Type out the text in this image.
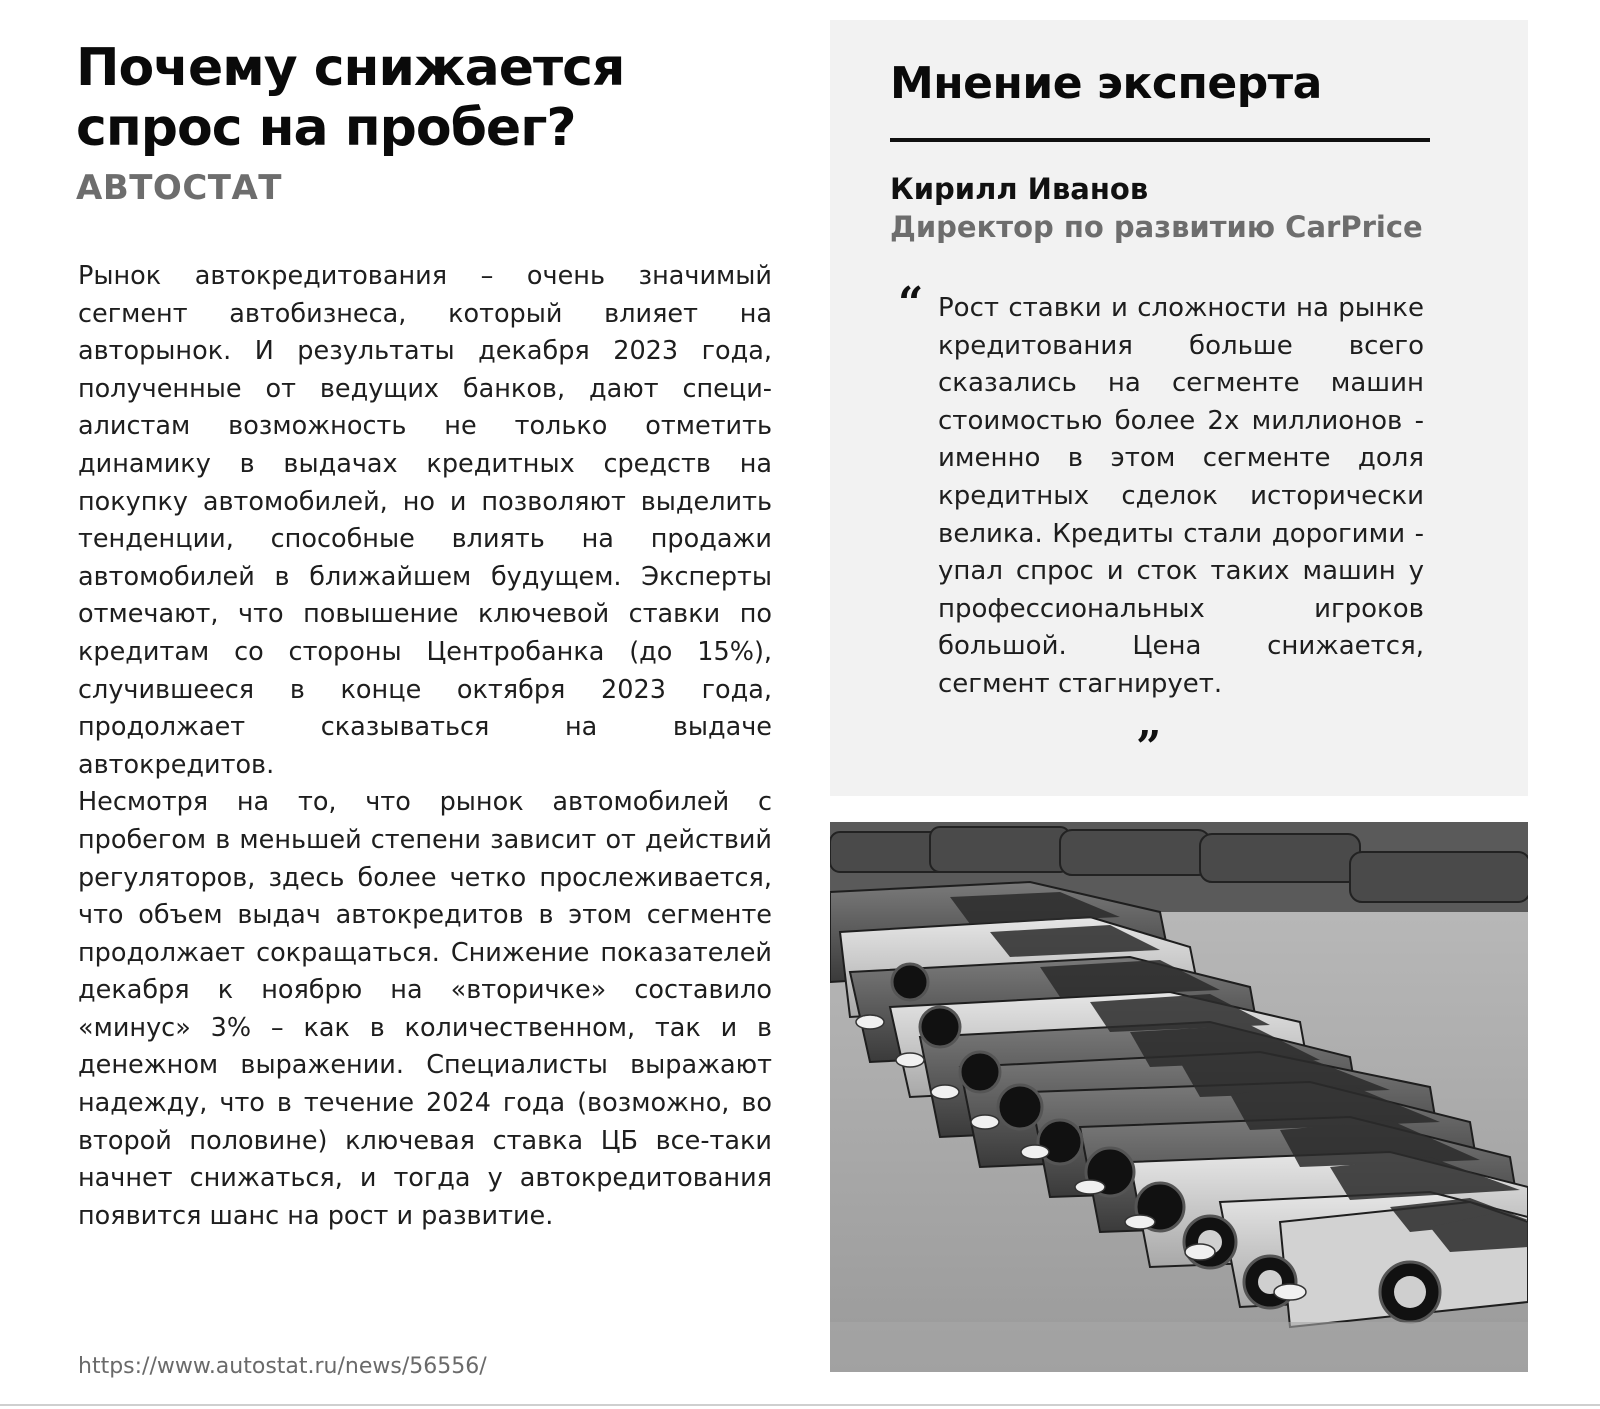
Почему снижается спрос на пробег?
АВТОСТАТ

Рынок автокредитования – очень значимый сегмент автобизнеса, который влияет на авторынок. И результаты декабря 2023 года, полученные от ведущих банков, дают специалистам возможность не только отметить динамику в выдачах кредитных средств на покупку автомобилей, но и позволяют выделить тенденции, способные влиять на продажи автомобилей в ближайшем будущем. Эксперты отмечают, что повышение ключевой ставки по кредитам со стороны Центробанка (до 15%), случившееся в конце октября 2023 года, продолжает сказываться на выдаче автокредитов.

Несмотря на то, что рынок автомобилей с пробегом в меньшей степени зависит от действий регуляторов, здесь более четко прослеживается, что объем выдач автокредитов в этом сегменте продолжает сокращаться. Снижение показателей декабря к ноябрю на «вторичке» составило «минус» 3% – как в количественном, так и в денежном выражении. Специалисты выражают надежду, что в течение 2024 года (возможно, во второй половине) ключевая ставка ЦБ все-таки начнет снижаться, и тогда у автокредитования появится шанс на рост и развитие.

https://www.autostat.ru/news/56556/
Мнение эксперта
Кирилл Иванов
Директор по развитию CarPrice
“ Рост ставки и сложности на рынке кредитования больше всего сказались на сегменте машин стоимостью более 2х миллионов - именно в этом сегменте доля кредитных сделок исторически велика. Кредиты стали дорогими - упал спрос и сток таких машин у профессиональных игроков большой. Цена снижается, сегмент стагнирует.
”
